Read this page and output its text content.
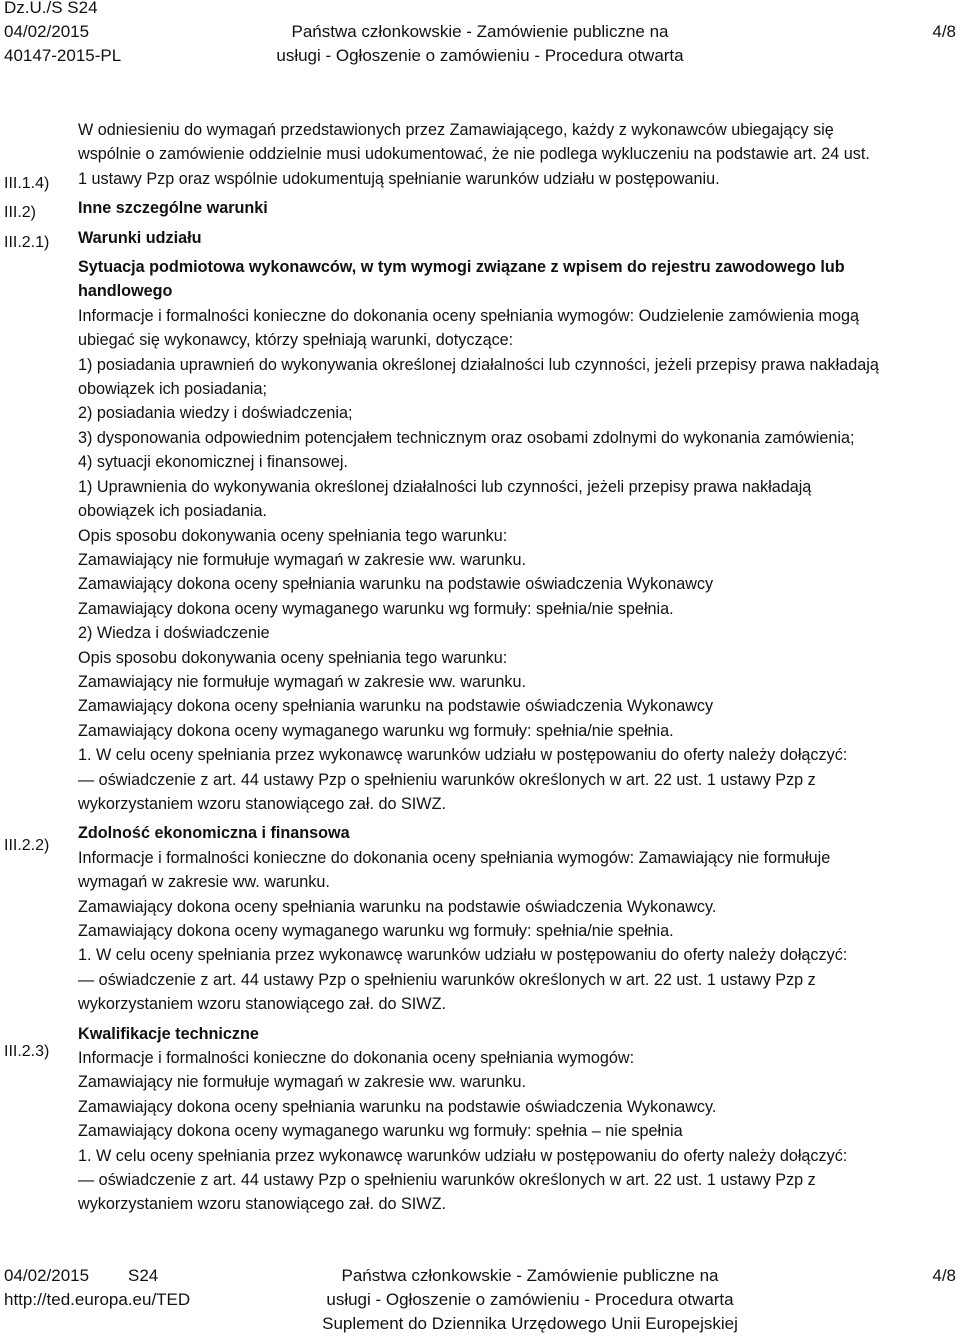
Dz.U./S S24
04/02/2015
40147-2015-PL
Państwa członkowskie - Zamówienie publiczne na
usługi - Ogłoszenie o zamówieniu - Procedura otwarta
4/8
III.1.4)
III.2)
III.2.1)
III.2.2)
III.2.3)
W odniesieniu do wymagań przedstawionych przez Zamawiającego, każdy z wykonawców ubiegający się
wspólnie o zamówienie oddzielnie musi udokumentować, że nie podlega wykluczeniu na podstawie art. 24 ust.
1 ustawy Pzp oraz wspólnie udokumentują spełnianie warunków udziału w postępowaniu.
Inne szczególne warunki
Warunki udziału
Sytuacja podmiotowa wykonawców, w tym wymogi związane z wpisem do rejestru zawodowego lub
handlowego
Informacje i formalności konieczne do dokonania oceny spełniania wymogów: Oudzielenie zamówienia mogą
ubiegać się wykonawcy, którzy spełniają warunki, dotyczące:
1) posiadania uprawnień do wykonywania określonej działalności lub czynności, jeżeli przepisy prawa nakładają
obowiązek ich posiadania;
2) posiadania wiedzy i doświadczenia;
3) dysponowania odpowiednim potencjałem technicznym oraz osobami zdolnymi do wykonania zamówienia;
4) sytuacji ekonomicznej i finansowej.
1) Uprawnienia do wykonywania określonej działalności lub czynności, jeżeli przepisy prawa nakładają
obowiązek ich posiadania.
Opis sposobu dokonywania oceny spełniania tego warunku:
Zamawiający nie formułuje wymagań w zakresie ww. warunku.
Zamawiający dokona oceny spełniania warunku na podstawie oświadczenia Wykonawcy
Zamawiający dokona oceny wymaganego warunku wg formuły: spełnia/nie spełnia.
2) Wiedza i doświadczenie
Opis sposobu dokonywania oceny spełniania tego warunku:
Zamawiający nie formułuje wymagań w zakresie ww. warunku.
Zamawiający dokona oceny spełniania warunku na podstawie oświadczenia Wykonawcy
Zamawiający dokona oceny wymaganego warunku wg formuły: spełnia/nie spełnia.
1. W celu oceny spełniania przez wykonawcę warunków udziału w postępowaniu do oferty należy dołączyć:
— oświadczenie z art. 44 ustawy Pzp o spełnieniu warunków określonych w art. 22 ust. 1 ustawy Pzp z
wykorzystaniem wzoru stanowiącego zał. do SIWZ.
Zdolność ekonomiczna i finansowa
Informacje i formalności konieczne do dokonania oceny spełniania wymogów: Zamawiający nie formułuje
wymagań w zakresie ww. warunku.
Zamawiający dokona oceny spełniania warunku na podstawie oświadczenia Wykonawcy.
Zamawiający dokona oceny wymaganego warunku wg formuły: spełnia/nie spełnia.
1. W celu oceny spełniania przez wykonawcę warunków udziału w postępowaniu do oferty należy dołączyć:
— oświadczenie z art. 44 ustawy Pzp o spełnieniu warunków określonych w art. 22 ust. 1 ustawy Pzp z
wykorzystaniem wzoru stanowiącego zał. do SIWZ.
Kwalifikacje techniczne
Informacje i formalności konieczne do dokonania oceny spełniania wymogów:
Zamawiający nie formułuje wymagań w zakresie ww. warunku.
Zamawiający dokona oceny spełniania warunku na podstawie oświadczenia Wykonawcy.
Zamawiający dokona oceny wymaganego warunku wg formuły: spełnia – nie spełnia
1. W celu oceny spełniania przez wykonawcę warunków udziału w postępowaniu do oferty należy dołączyć:
— oświadczenie z art. 44 ustawy Pzp o spełnieniu warunków określonych w art. 22 ust. 1 ustawy Pzp z
wykorzystaniem wzoru stanowiącego zał. do SIWZ.
04/02/2015 S24
http://ted.europa.eu/TED
Państwa członkowskie - Zamówienie publiczne na
usługi - Ogłoszenie o zamówieniu - Procedura otwarta
Suplement do Dziennika Urzędowego Unii Europejskiej
4/8
